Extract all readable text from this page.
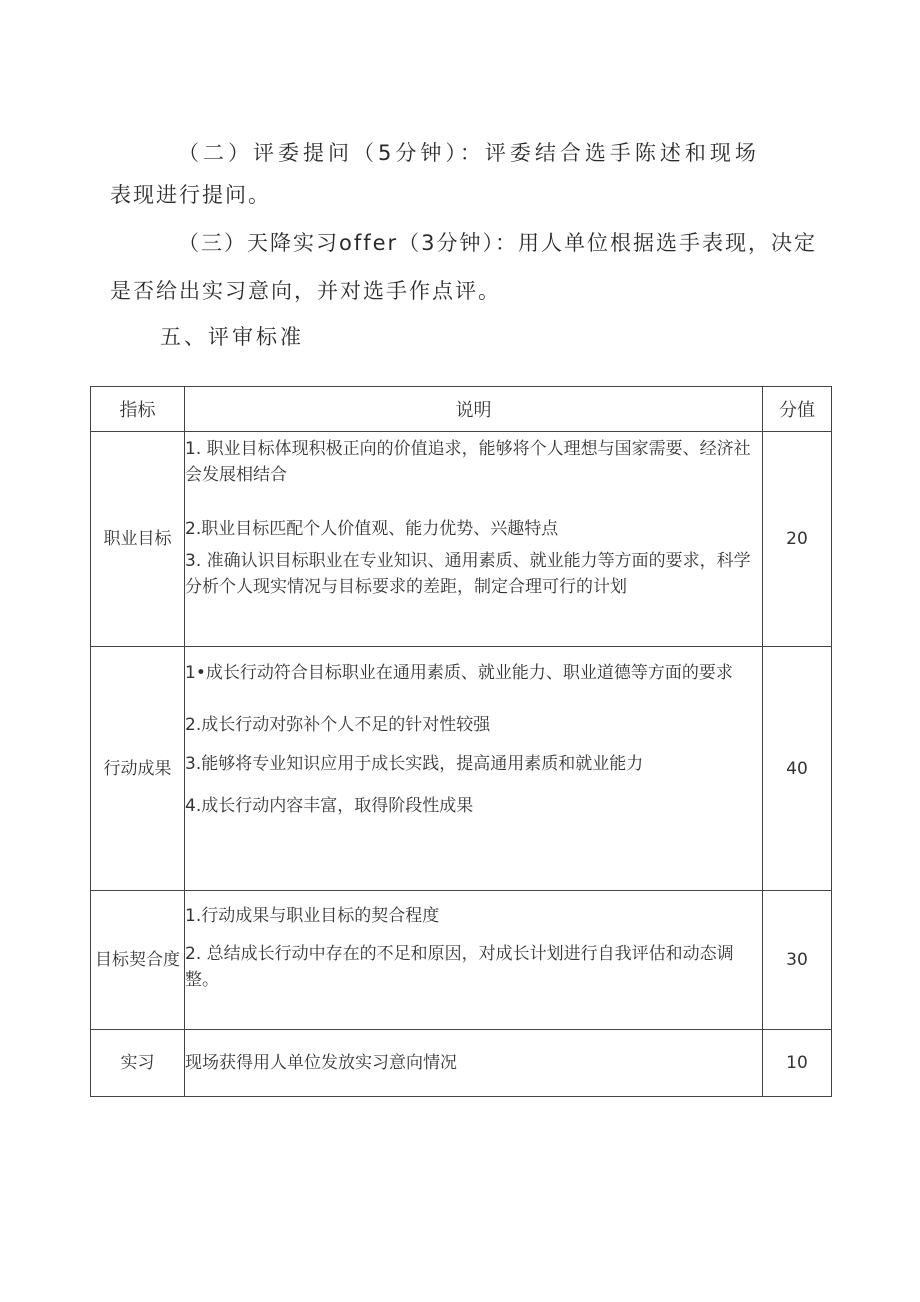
（二）评委提问（5分钟）：评委结合选手陈述和现场
表现进行提问。
（三）天降实习offer（3分钟）：用人单位根据选手表现，决定
是否给出实习意向，并对选手作点评。
五、评审标准
指标	说明	分值
职业目标	1. 职业目标体现积极正向的价值追求，能够将个人理想与国家需要、经济社会发展相结合

2.职业目标匹配个人价值观、能力优势、兴趣特点

3. 准确认识目标职业在专业知识、通用素质、就业能力等方面的要求，科学分析个人现实情况与目标要求的差距，制定合理可行的计划	20
行动成果	1•成长行动符合目标职业在通用素质、就业能力、职业道德等方面的要求

2.成长行动对弥补个人不足的针对性较强

3.能够将专业知识应用于成长实践，提高通用素质和就业能力

4.成长行动内容丰富，取得阶段性成果	40
目标契合度	1.行动成果与职业目标的契合程度

2. 总结成长行动中存在的不足和原因，对成长计划进行自我评估和动态调整。	30
实习	现场获得用人单位发放实习意向情况	10
